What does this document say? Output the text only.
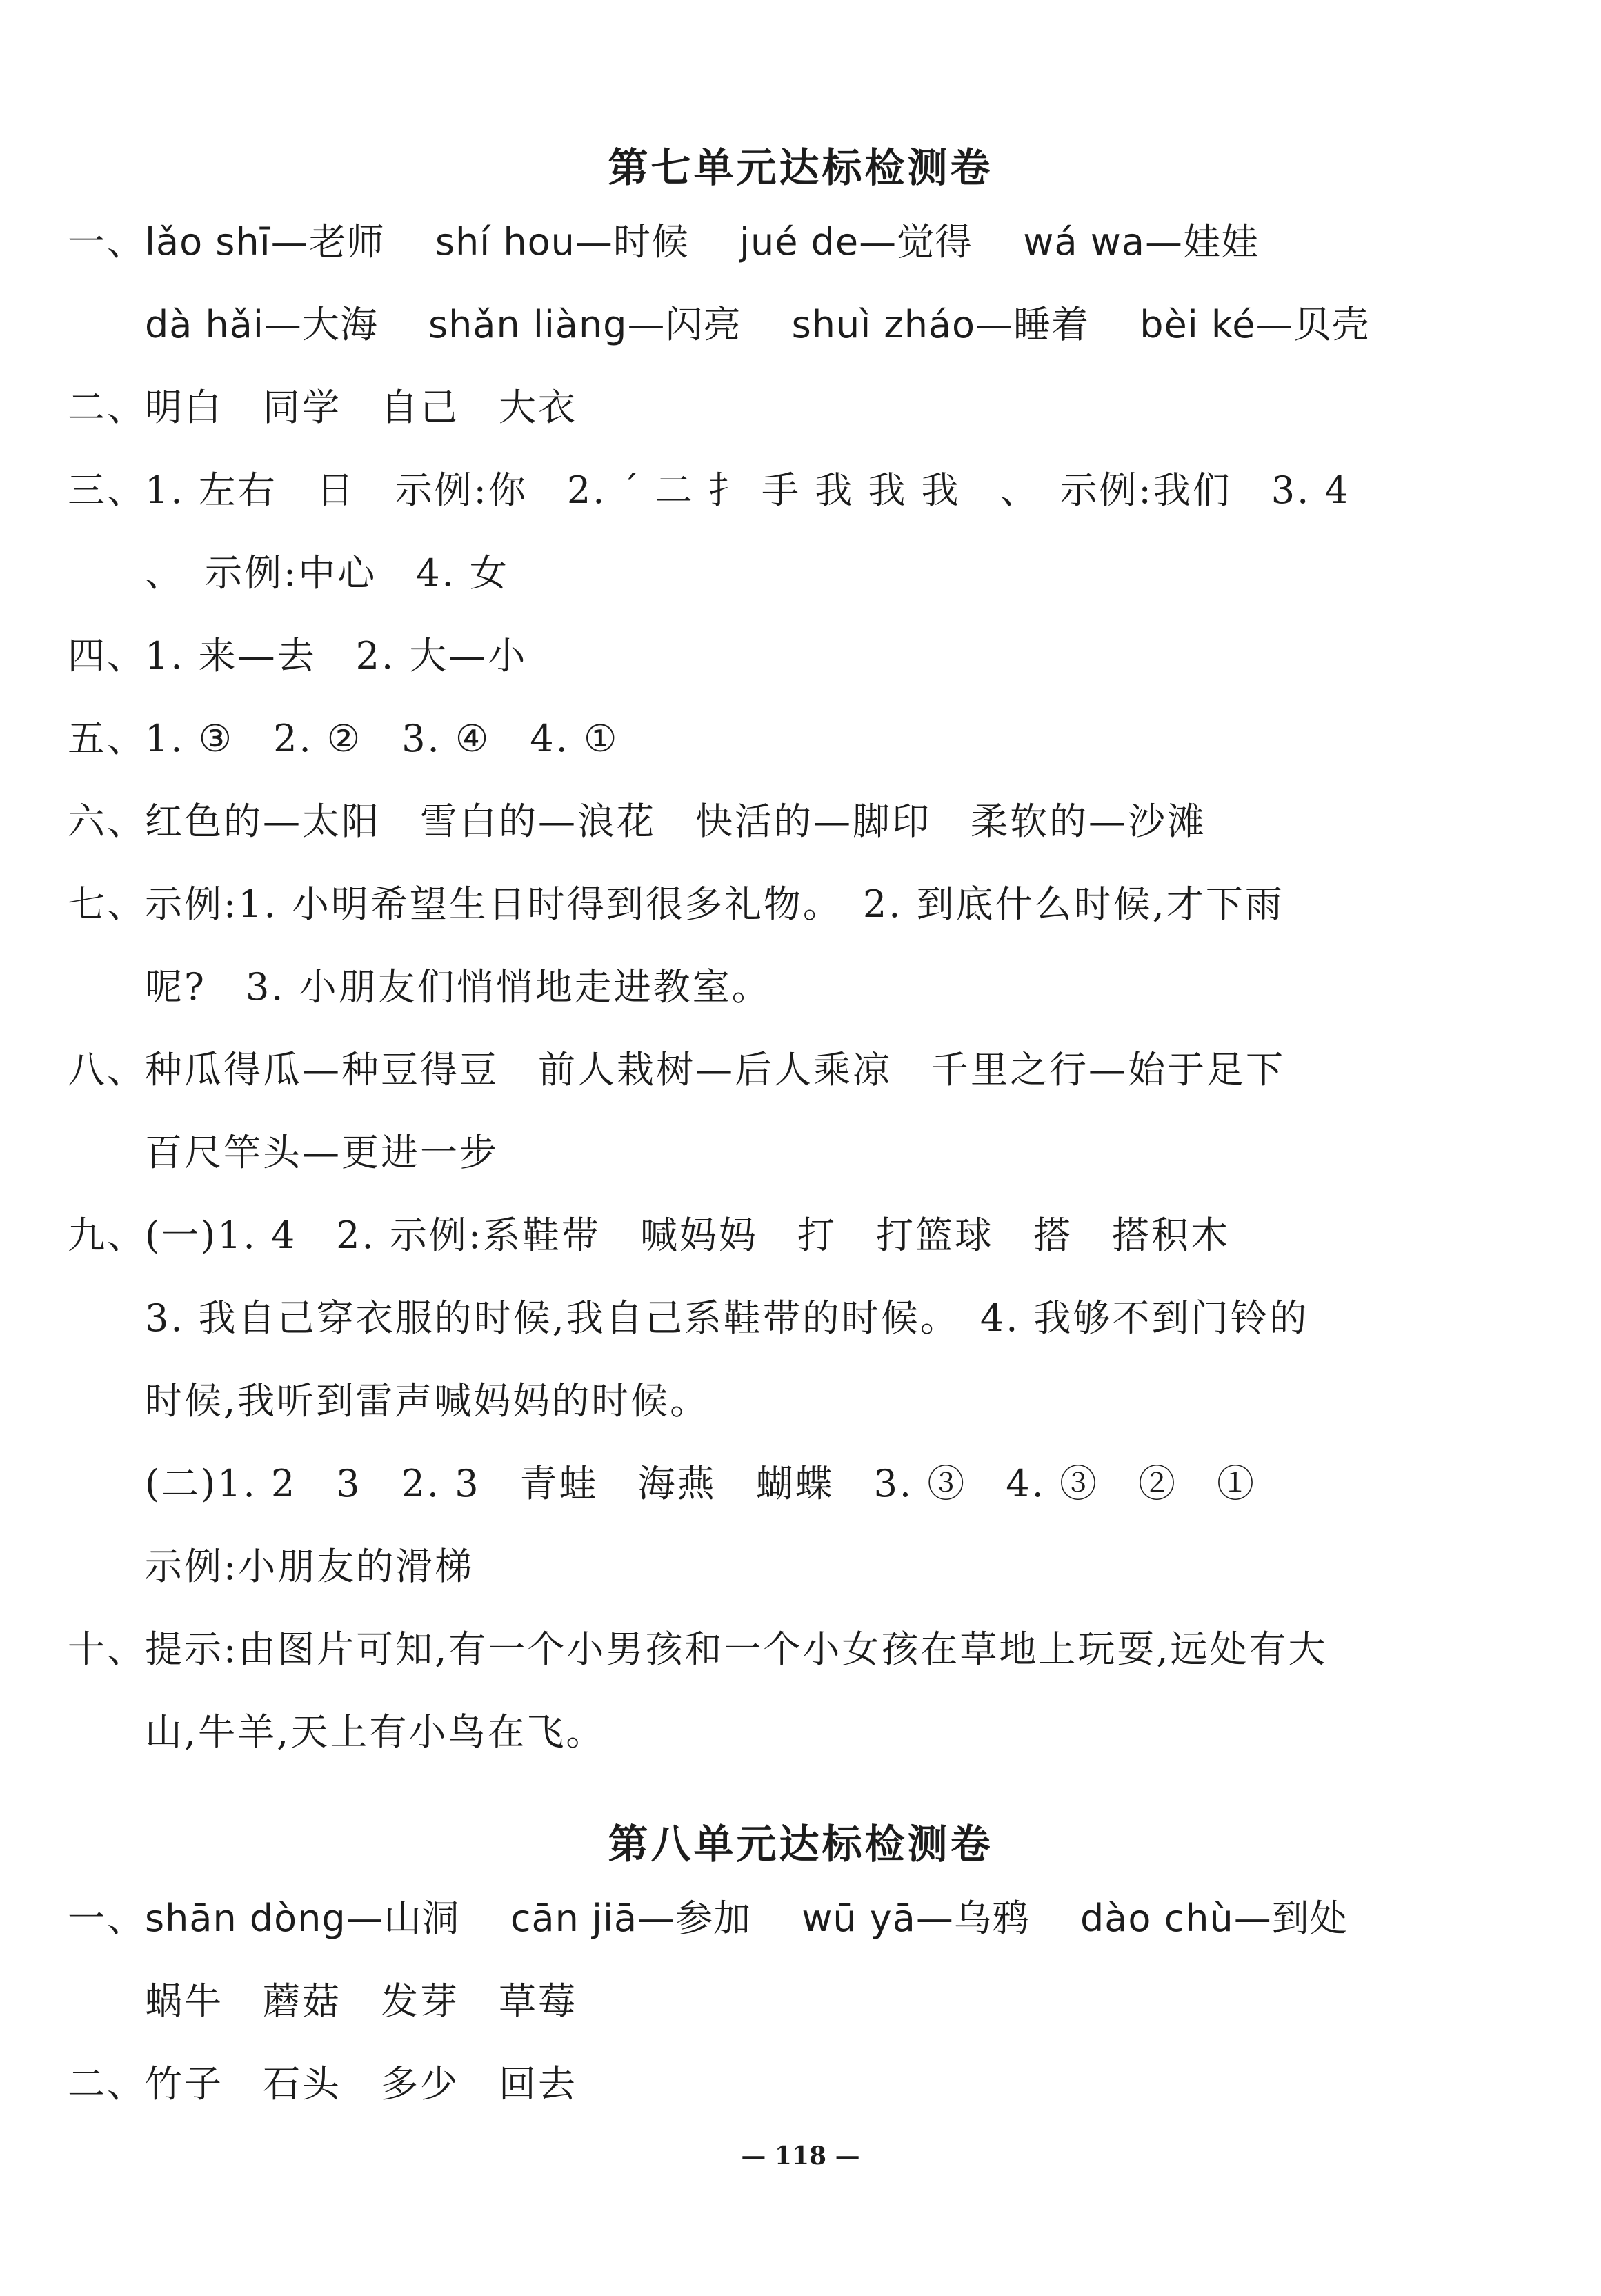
第七单元达标检测卷
一、
lǎo shī—老师　 shí hou—时候　 jué de—觉得　 wá wa—娃娃
dà hǎi—大海　 shǎn liàng—闪亮　 shuì zháo—睡着　 bèi ké—贝壳
二、
明白　同学　自己　大衣
三、
1. 左右　日　示例:你　2. ˊ 二 扌 手 我 我 我　、　示例:我们　3. 4
、　示例:中心　4. 女
四、
1. 来—去　2. 大—小
五、
1. ③　2. ②　3. ④　4. ①
六、
红色的—太阳　雪白的—浪花　快活的—脚印　柔软的—沙滩
七、
示例:1. 小明希望生日时得到很多礼物。　2. 到底什么时候,才下雨
呢?　3. 小朋友们悄悄地走进教室。
八、
种瓜得瓜—种豆得豆　前人栽树—后人乘凉　千里之行—始于足下
百尺竿头—更进一步
九、
(一)1. 4　2. 示例:系鞋带　喊妈妈　打　打篮球　搭　搭积木
3. 我自己穿衣服的时候,我自己系鞋带的时候。　4. 我够不到门铃的
时候,我听到雷声喊妈妈的时候。
(二)1. 2　3　2. 3　青蛙　海燕　蝴蝶　3. ③　4. ③　②　①
示例:小朋友的滑梯
十、
提示:由图片可知,有一个小男孩和一个小女孩在草地上玩耍,远处有大
山,牛羊,天上有小鸟在飞。
第八单元达标检测卷
一、
shān dòng—山洞　 cān jiā—参加　 wū yā—乌鸦　 dào chù—到处
蜗牛　蘑菇　发芽　草莓
二、
竹子　石头　多少　回去
— 118 —
